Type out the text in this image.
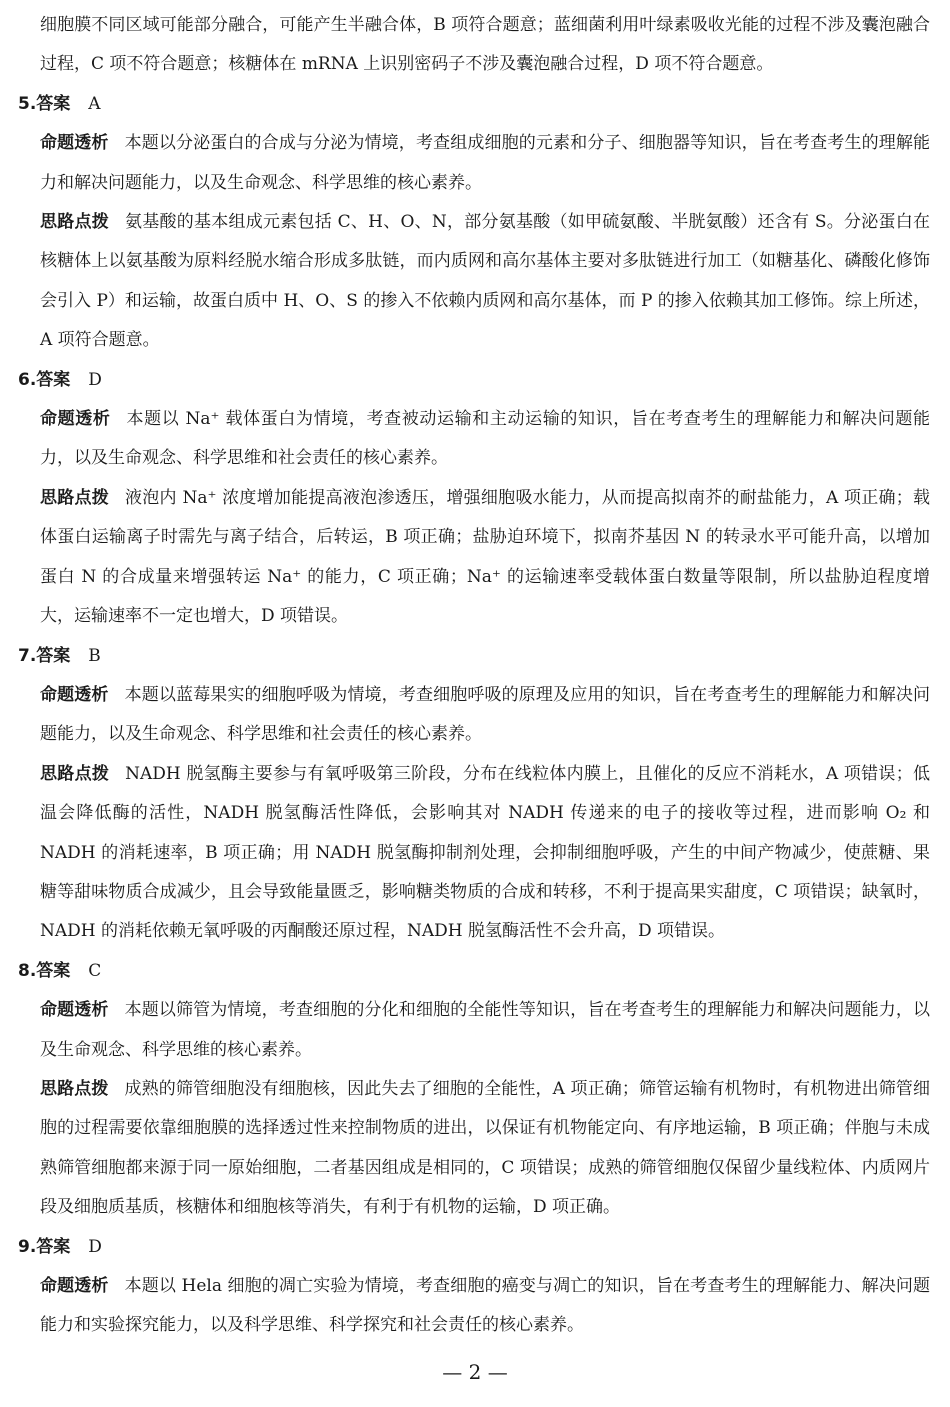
细胞膜不同区域可能部分融合，可能产生半融合体，B 项符合题意；蓝细菌利用叶绿素吸收光能的过程不涉及囊泡融合过程，C 项不符合题意；核糖体在 mRNA 上识别密码子不涉及囊泡融合过程，D 项不符合题意。

5.答案 A

命题透析 本题以分泌蛋白的合成与分泌为情境，考查组成细胞的元素和分子、细胞器等知识，旨在考查考生的理解能力和解决问题能力，以及生命观念、科学思维的核心素养。

思路点拨 氨基酸的基本组成元素包括 C、H、O、N，部分氨基酸（如甲硫氨酸、半胱氨酸）还含有 S。分泌蛋白在核糖体上以氨基酸为原料经脱水缩合形成多肽链，而内质网和高尔基体主要对多肽链进行加工（如糖基化、磷酸化修饰会引入 P）和运输，故蛋白质中 H、O、S 的掺入不依赖内质网和高尔基体，而 P 的掺入依赖其加工修饰。综上所述，A 项符合题意。

6.答案 D

命题透析 本题以 Na⁺ 载体蛋白为情境，考查被动运输和主动运输的知识，旨在考查考生的理解能力和解决问题能力，以及生命观念、科学思维和社会责任的核心素养。

思路点拨 液泡内 Na⁺ 浓度增加能提高液泡渗透压，增强细胞吸水能力，从而提高拟南芥的耐盐能力，A 项正确；载体蛋白运输离子时需先与离子结合，后转运，B 项正确；盐胁迫环境下，拟南芥基因 N 的转录水平可能升高，以增加蛋白 N 的合成量来增强转运 Na⁺ 的能力，C 项正确；Na⁺ 的运输速率受载体蛋白数量等限制，所以盐胁迫程度增大，运输速率不一定也增大，D 项错误。

7.答案 B

命题透析 本题以蓝莓果实的细胞呼吸为情境，考查细胞呼吸的原理及应用的知识，旨在考查考生的理解能力和解决问题能力，以及生命观念、科学思维和社会责任的核心素养。

思路点拨 NADH 脱氢酶主要参与有氧呼吸第三阶段，分布在线粒体内膜上，且催化的反应不消耗水，A 项错误；低温会降低酶的活性，NADH 脱氢酶活性降低，会影响其对 NADH 传递来的电子的接收等过程，进而影响 O₂ 和 NADH 的消耗速率，B 项正确；用 NADH 脱氢酶抑制剂处理，会抑制细胞呼吸，产生的中间产物减少，使蔗糖、果糖等甜味物质合成减少，且会导致能量匮乏，影响糖类物质的合成和转移，不利于提高果实甜度，C 项错误；缺氧时，NADH 的消耗依赖无氧呼吸的丙酮酸还原过程，NADH 脱氢酶活性不会升高，D 项错误。

8.答案 C

命题透析 本题以筛管为情境，考查细胞的分化和细胞的全能性等知识，旨在考查考生的理解能力和解决问题能力，以及生命观念、科学思维的核心素养。

思路点拨 成熟的筛管细胞没有细胞核，因此失去了细胞的全能性，A 项正确；筛管运输有机物时，有机物进出筛管细胞的过程需要依靠细胞膜的选择透过性来控制物质的进出，以保证有机物能定向、有序地运输，B 项正确；伴胞与未成熟筛管细胞都来源于同一原始细胞，二者基因组成是相同的，C 项错误；成熟的筛管细胞仅保留少量线粒体、内质网片段及细胞质基质，核糖体和细胞核等消失，有利于有机物的运输，D 项正确。

9.答案 D

命题透析 本题以 Hela 细胞的凋亡实验为情境，考查细胞的癌变与凋亡的知识，旨在考查考生的理解能力、解决问题能力和实验探究能力，以及科学思维、科学探究和社会责任的核心素养。

— 2 —
